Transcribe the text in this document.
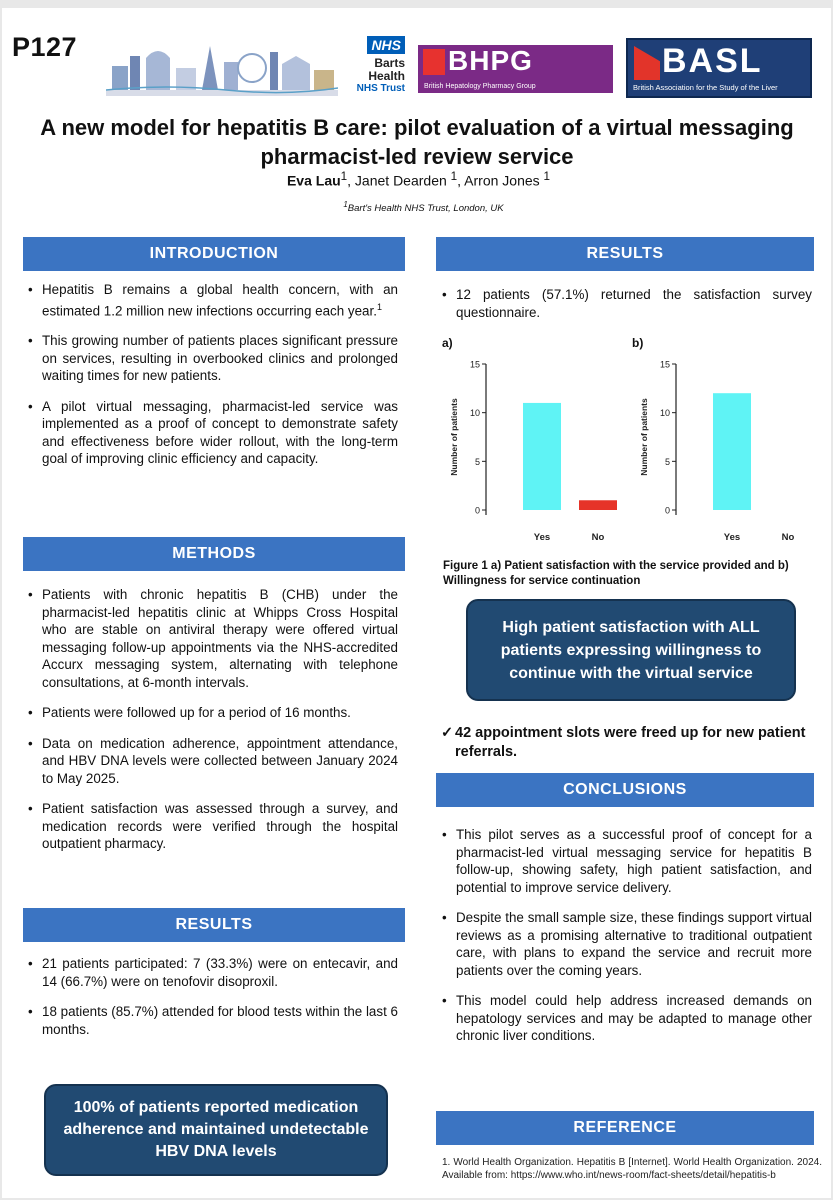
P127	NHS
Barts Health
NHS Trust
BHPG
British Hepatology Pharmacy Group
BASL
British Association for the Study of the Liver
A new model for hepatitis B care: pilot evaluation of a virtual messaging pharmacist-led review service
Eva Lau$^1$, Janet Dearden $^1$, Arron Jones $^1$
$^1$Bart's Health NHS Trust, London, UK
INTRODUCTION
• Hepatitis B remains a global health concern, with an estimated 1.2 million new infections occurring each year.$^1$
• This growing number of patients places significant pressure on services, resulting in overbooked clinics and prolonged waiting times for new patients.
• A pilot virtual messaging, pharmacist-led service was implemented as a proof of concept to demonstrate safety and effectiveness before wider rollout, with the long-term goal of improving clinic efficiency and capacity.
METHODS
• Patients with chronic hepatitis B (CHB) under the pharmacist-led hepatitis clinic at Whipps Cross Hospital who are stable on antiviral therapy were offered virtual messaging follow-up appointments via the NHS-accredited Accurx messaging system, alternating with telephone consultations, at 6-month intervals.
• Patients were followed up for a period of 16 months.
• Data on medication adherence, appointment attendance, and HBV DNA levels were collected between January 2024 to May 2025.
• Patient satisfaction was assessed through a survey, and medication records were verified through the hospital outpatient pharmacy.
RESULTS
• 21 patients participated: 7 (33.3%) were on entecavir, and 14 (66.7%) were on tenofovir disoproxil.
• 18 patients (85.7%) attended for blood tests within the last 6 months.
100% of patients reported medication adherence and maintained undetectable HBV DNA levels
RESULTS
• 12 patients (57.1%) returned the satisfaction survey questionnaire.
a)
0
5
10
15
Number of patients
Yes	No
b)
0
5
10
15
Number of patients
Yes	No
Figure 1 a) Patient satisfaction with the service provided and b) Willingness for service continuation
High patient satisfaction with ALL patients expressing willingness to continue with the virtual service
✓ 42 appointment slots were freed up for new patient referrals.
CONCLUSIONS
• This pilot serves as a successful proof of concept for a pharmacist-led virtual messaging service for hepatitis B follow-up, showing safety, high patient satisfaction, and potential to improve service delivery.
• Despite the small sample size, these findings support virtual reviews as a promising alternative to traditional outpatient care, with plans to expand the service and recruit more patients over the coming years.
• This model could help address increased demands on hepatology services and may be adapted to manage other chronic liver conditions.
REFERENCE
1. World Health Organization. Hepatitis B [Internet]. World Health Organization. 2024. Available from: https://www.who.int/news-room/fact-sheets/detail/hepatitis-b
